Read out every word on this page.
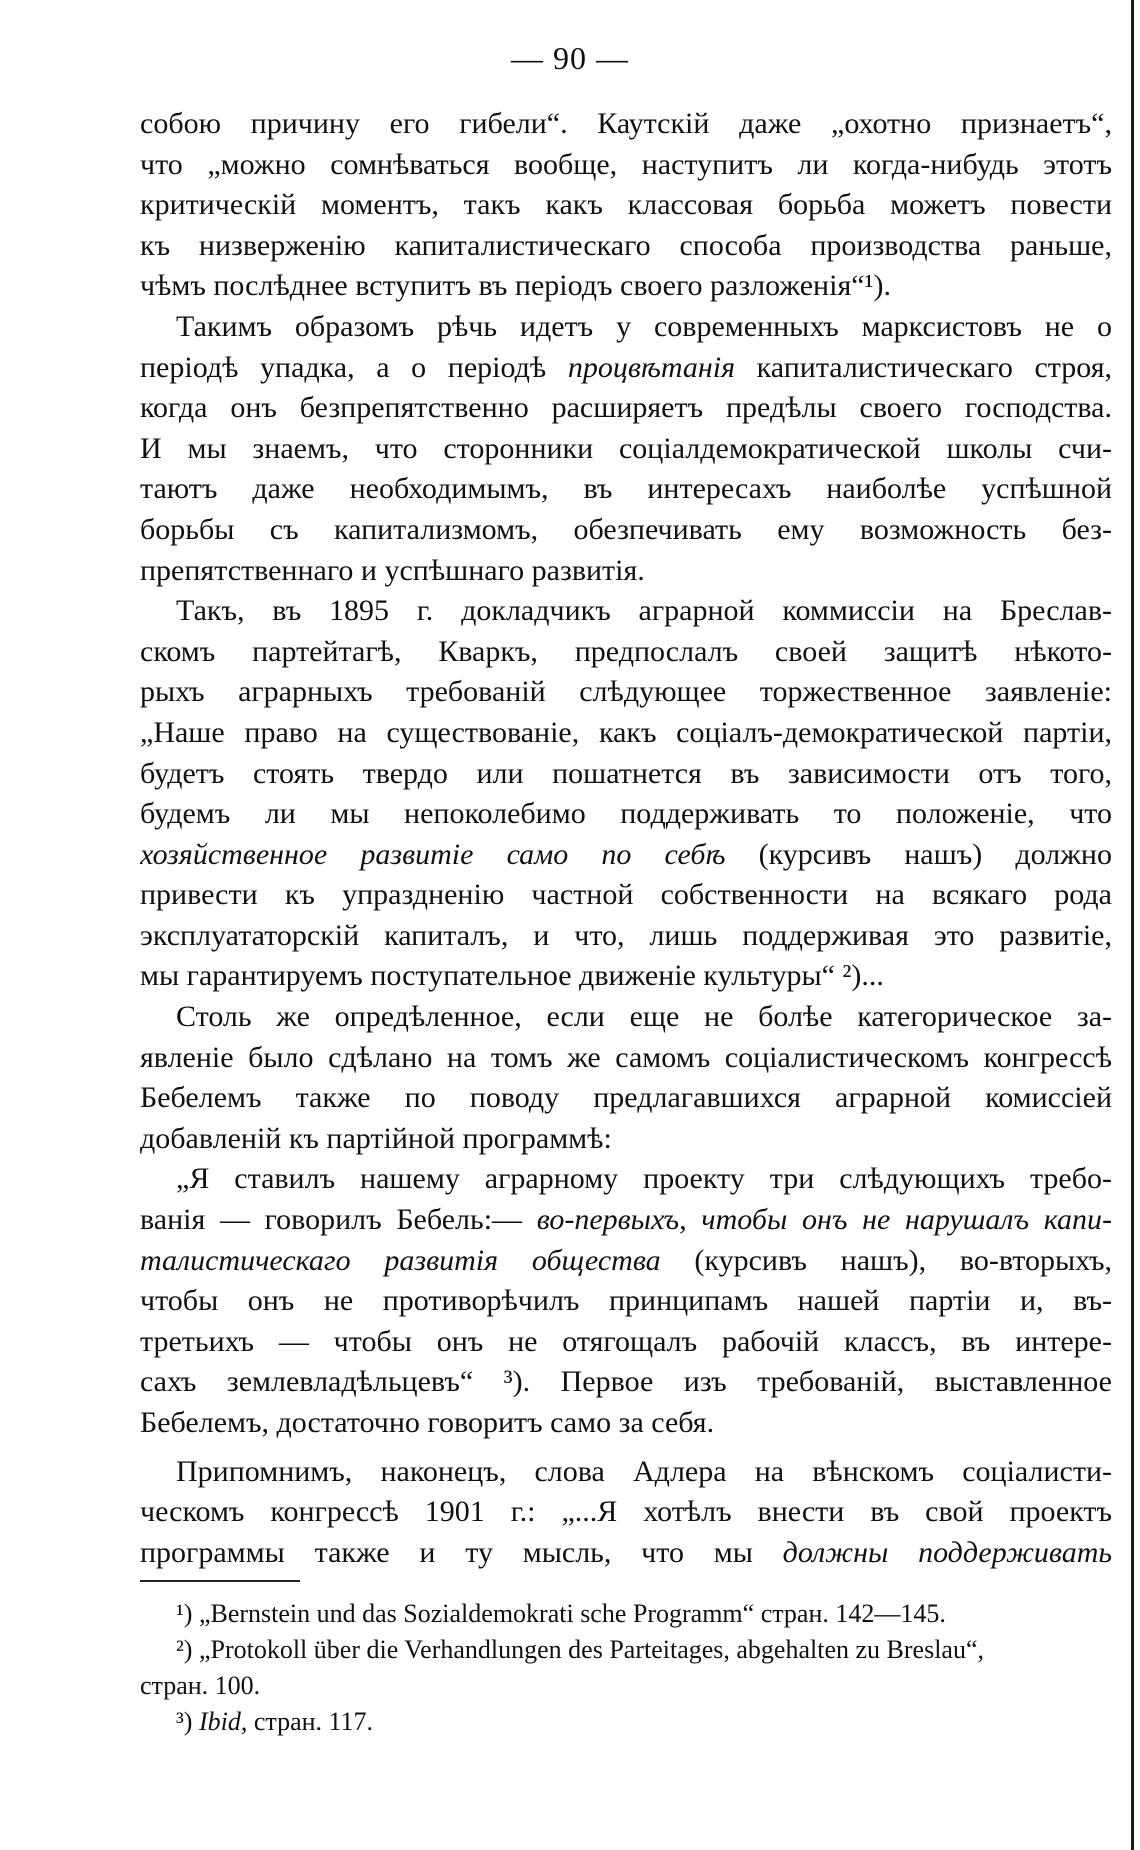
— 90 —
собою причину его гибели“. Каутскій даже „охотно признаетъ“,
что „можно сомнѣваться вообще, наступитъ ли когда-нибудь этотъ
критическій моментъ, такъ какъ классовая борьба можетъ повести
къ низверженію капиталистическаго способа производства раньше,
чѣмъ послѣднее вступитъ въ періодъ своего разложенія“¹).
Такимъ образомъ рѣчь идетъ у современныхъ марксистовъ не о
періодѣ упадка, а о періодѣ процвѣтанія капиталистическаго строя,
когда онъ безпрепятственно расширяетъ предѣлы своего господства.
И мы знаемъ, что сторонники соціалдемократической школы счи-
таютъ даже необходимымъ, въ интересахъ наиболѣе успѣшной
борьбы съ капитализмомъ, обезпечивать ему возможность без-
препятственнаго и успѣшнаго развитія.
Такъ, въ 1895 г. докладчикъ аграрной коммиссіи на Бреслав-
скомъ партейтагѣ, Кваркъ, предпослалъ своей защитѣ нѣкото-
рыхъ аграрныхъ требованій слѣдующее торжественное заявленіе:
„Наше право на существованіе, какъ соціалъ-демократической партіи,
будетъ стоять твердо или пошатнется въ зависимости отъ того,
будемъ ли мы непоколебимо поддерживать то положеніе, что
хозяйственное развитіе само по себѣ (курсивъ нашъ) должно
привести къ упраздненію частной собственности на всякаго рода
эксплуататорскій капиталъ, и что, лишь поддерживая это развитіе,
мы гарантируемъ поступательное движеніе культуры“ ²)...
Столь же опредѣленное, если еще не болѣе категорическое за-
явленіе было сдѣлано на томъ же самомъ соціалистическомъ конгрессѣ
Бебелемъ также по поводу предлагавшихся аграрной комиссіей
добавленій къ партійной программѣ:
„Я ставилъ нашему аграрному проекту три слѣдующихъ требо-
ванія — говорилъ Бебель:— во-первыхъ, чтобы онъ не нарушалъ капи-
талистическаго развитія общества (курсивъ нашъ), во-вторыхъ,
чтобы онъ не противорѣчилъ принципамъ нашей партіи и, въ-
третьихъ — чтобы онъ не отягощалъ рабочій классъ, въ интере-
сахъ землевладѣльцевъ“ ³). Первое изъ требованій, выставленное
Бебелемъ, достаточно говоритъ само за себя.
Припомнимъ, наконецъ, слова Адлера на вѣнскомъ соціалисти-
ческомъ конгрессѣ 1901 г.: „...Я хотѣлъ внести въ свой проектъ
программы также и ту мысль, что мы должны поддерживать
¹) „Bernstein und das Sozialdemokrati sche Programm“ стран. 142—145.
²) „Protokoll über die Verhandlungen des Parteitages, abgehalten zu Breslau“,
стран. 100.
³) Ibid, стран. 117.
